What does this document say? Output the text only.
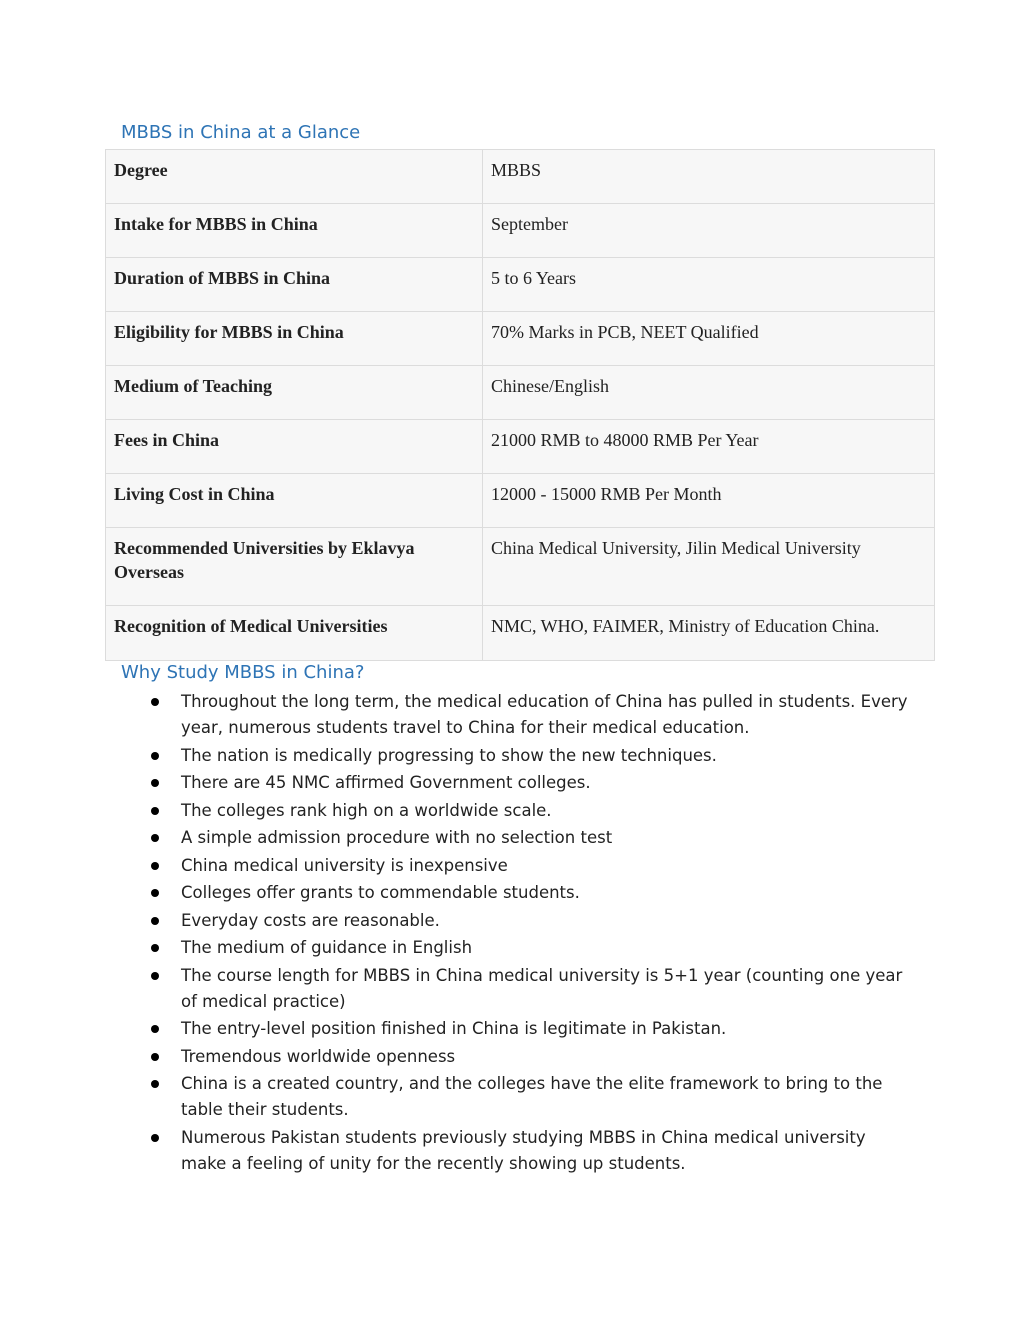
MBBS in China at a Glance
Degree	MBBS
Intake for MBBS in China	September
Duration of MBBS in China	5 to 6 Years
Eligibility for MBBS in China	70% Marks in PCB, NEET Qualified
Medium of Teaching	Chinese/English
Fees in China	21000 RMB to 48000 RMB Per Year
Living Cost in China	12000 - 15000 RMB Per Month
Recommended Universities by Eklavya Overseas	China Medical University, Jilin Medical University
Recognition of Medical Universities	NMC, WHO, FAIMER, Ministry of Education China.
Why Study MBBS in China?
Throughout the long term, the medical education of China has pulled in students. Every year, numerous students travel to China for their medical education.
The nation is medically progressing to show the new techniques.
There are 45 NMC affirmed Government colleges.
The colleges rank high on a worldwide scale.
A simple admission procedure with no selection test
China medical university is inexpensive
Colleges offer grants to commendable students.
Everyday costs are reasonable.
The medium of guidance in English
The course length for MBBS in China medical university is 5+1 year (counting one year of medical practice)
The entry-level position finished in China is legitimate in Pakistan.
Tremendous worldwide openness
China is a created country, and the colleges have the elite framework to bring to the table their students.
Numerous Pakistan students previously studying MBBS in China medical university make a feeling of unity for the recently showing up students.
